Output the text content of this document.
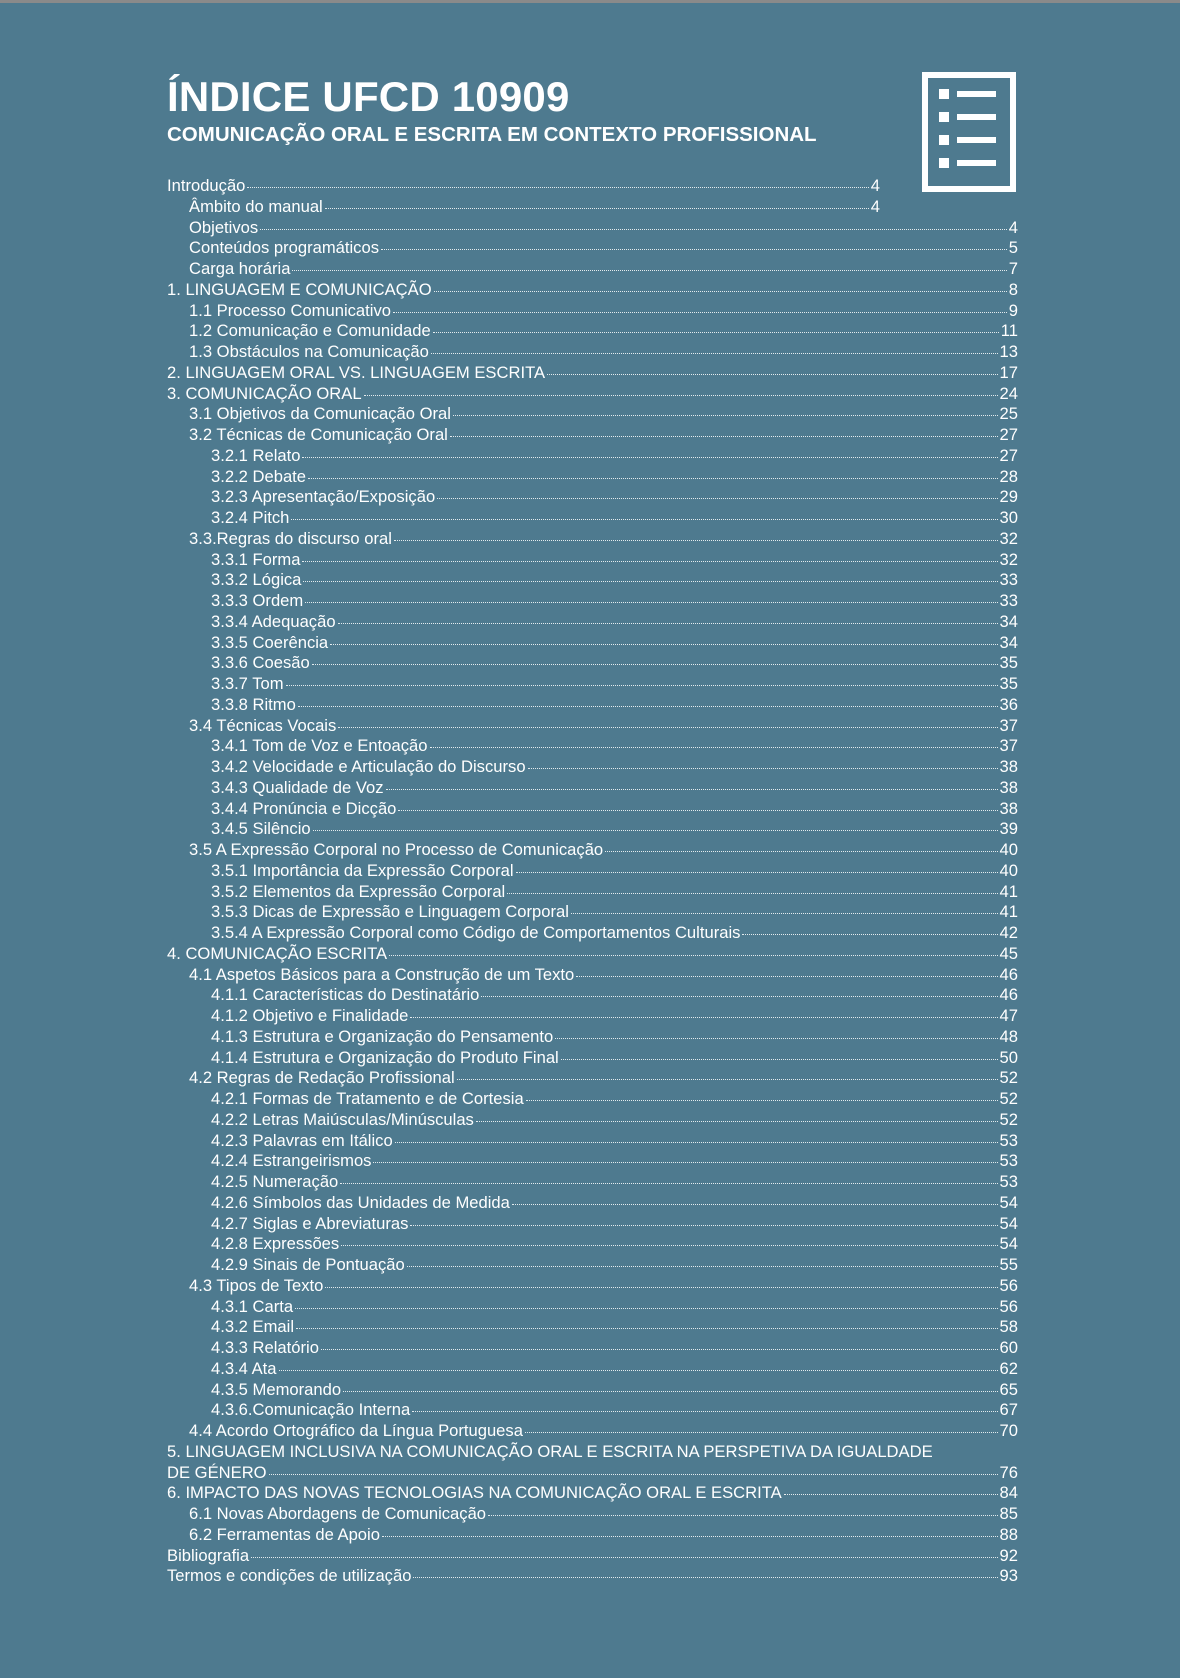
ÍNDICE UFCD 10909
COMUNICAÇÃO ORAL E ESCRITA EM CONTEXTO PROFISSIONAL
Introdução	4
Âmbito do manual	4
Objetivos	4
Conteúdos programáticos	5
Carga horária	7
1. LINGUAGEM E COMUNICAÇÃO	8
1.1 Processo Comunicativo	9
1.2 Comunicação e Comunidade	11
1.3 Obstáculos na Comunicação	13
2. LINGUAGEM ORAL VS. LINGUAGEM ESCRITA	17
3. COMUNICAÇÃO ORAL	24
3.1 Objetivos da Comunicação Oral	25
3.2 Técnicas de Comunicação Oral	27
3.2.1 Relato	27
3.2.2 Debate	28
3.2.3 Apresentação/Exposição	29
3.2.4 Pitch	30
3.3.Regras do discurso oral	32
3.3.1 Forma	32
3.3.2 Lógica	33
3.3.3 Ordem	33
3.3.4 Adequação	34
3.3.5 Coerência	34
3.3.6 Coesão	35
3.3.7 Tom	35
3.3.8 Ritmo	36
3.4 Técnicas Vocais	37
3.4.1 Tom de Voz e Entoação	37
3.4.2 Velocidade e Articulação do Discurso	38
3.4.3 Qualidade de Voz	38
3.4.4 Pronúncia e Dicção	38
3.4.5 Silêncio	39
3.5 A Expressão Corporal no Processo de Comunicação	40
3.5.1 Importância da Expressão Corporal	40
3.5.2 Elementos da Expressão Corporal	41
3.5.3 Dicas de Expressão e Linguagem Corporal	41
3.5.4 A Expressão Corporal como Código de Comportamentos Culturais	42
4. COMUNICAÇÃO ESCRITA	45
4.1 Aspetos Básicos para a Construção de um Texto	46
4.1.1 Características do Destinatário	46
4.1.2 Objetivo e Finalidade	47
4.1.3 Estrutura e Organização do Pensamento	48
4.1.4 Estrutura e Organização do Produto Final	50
4.2 Regras de Redação Profissional	52
4.2.1 Formas de Tratamento e de Cortesia	52
4.2.2 Letras Maiúsculas/Minúsculas	52
4.2.3 Palavras em Itálico	53
4.2.4 Estrangeirismos	53
4.2.5 Numeração	53
4.2.6 Símbolos das Unidades de Medida	54
4.2.7 Siglas e Abreviaturas	54
4.2.8 Expressões	54
4.2.9 Sinais de Pontuação	55
4.3 Tipos de Texto	56
4.3.1 Carta	56
4.3.2 Email	58
4.3.3 Relatório	60
4.3.4 Ata	62
4.3.5 Memorando	65
4.3.6.Comunicação Interna	67
4.4 Acordo Ortográfico da Língua Portuguesa	70
5. LINGUAGEM INCLUSIVA NA COMUNICAÇÃO ORAL E ESCRITA NA PERSPETIVA DA IGUALDADE
DE GÉNERO	76
6. IMPACTO DAS NOVAS TECNOLOGIAS NA COMUNICAÇÃO ORAL E ESCRITA	84
6.1 Novas Abordagens de Comunicação	85
6.2 Ferramentas de Apoio	88
Bibliografia	92
Termos e condições de utilização	93
